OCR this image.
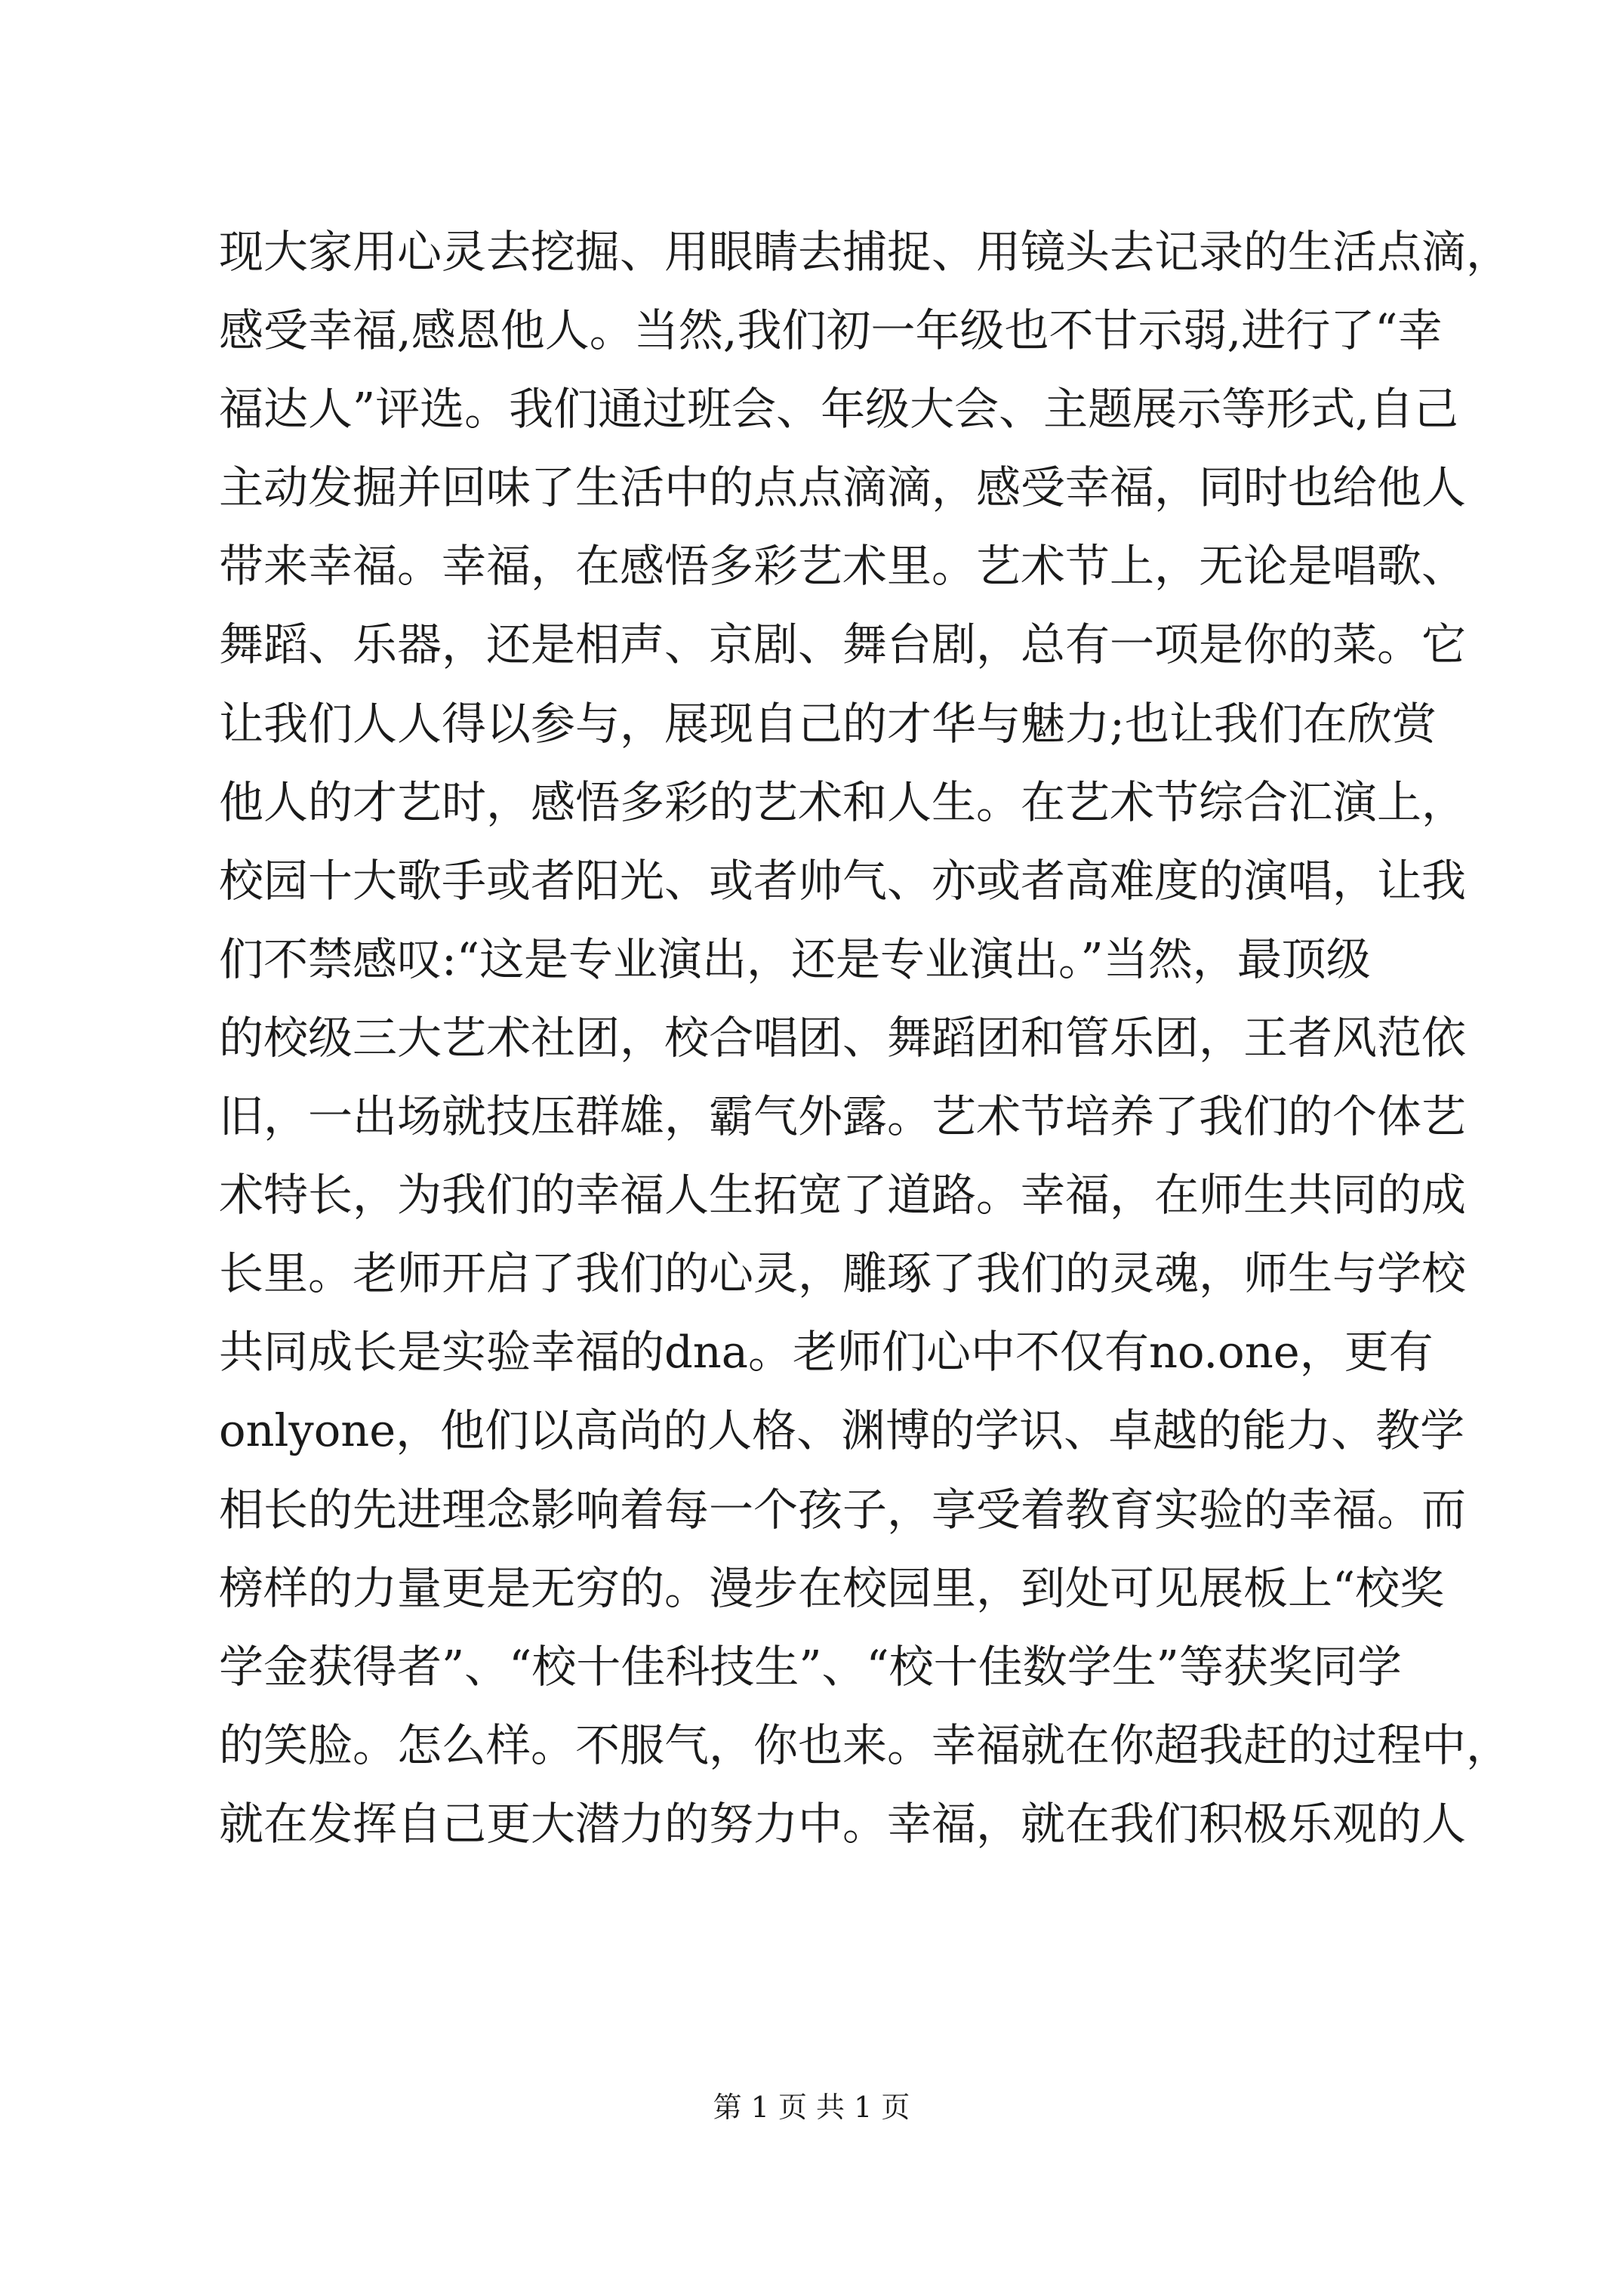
现大家用心灵去挖掘、用眼睛去捕捉、用镜头去记录的生活点滴，
感受幸福,感恩他人。当然,我们初一年级也不甘示弱,进行了“幸
福达人”评选。我们通过班会、年级大会、主题展示等形式,自己
主动发掘并回味了生活中的点点滴滴，感受幸福，同时也给他人
带来幸福。幸福，在感悟多彩艺术里。艺术节上，无论是唱歌、
舞蹈、乐器，还是相声、京剧、舞台剧，总有一项是你的菜。它
让我们人人得以参与，展现自己的才华与魅力;也让我们在欣赏
他人的才艺时，感悟多彩的艺术和人生。在艺术节综合汇演上，
校园十大歌手或者阳光、或者帅气、亦或者高难度的演唱，让我
们不禁感叹:“这是专业演出，还是专业演出。”当然，最顶级
的校级三大艺术社团，校合唱团、舞蹈团和管乐团，王者风范依
旧，一出场就技压群雄，霸气外露。艺术节培养了我们的个体艺
术特长，为我们的幸福人生拓宽了道路。幸福，在师生共同的成
长里。老师开启了我们的心灵，雕琢了我们的灵魂，师生与学校
共同成长是实验幸福的dna。老师们心中不仅有no.one，更有
onlyone，他们以高尚的人格、渊博的学识、卓越的能力、教学
相长的先进理念影响着每一个孩子，享受着教育实验的幸福。而
榜样的力量更是无穷的。漫步在校园里，到处可见展板上“校奖
学金获得者”、“校十佳科技生”、“校十佳数学生”等获奖同学
的笑脸。怎么样。不服气，你也来。幸福就在你超我赶的过程中，
就在发挥自己更大潜力的努力中。幸福，就在我们积极乐观的人
第 1 页 共 1 页
